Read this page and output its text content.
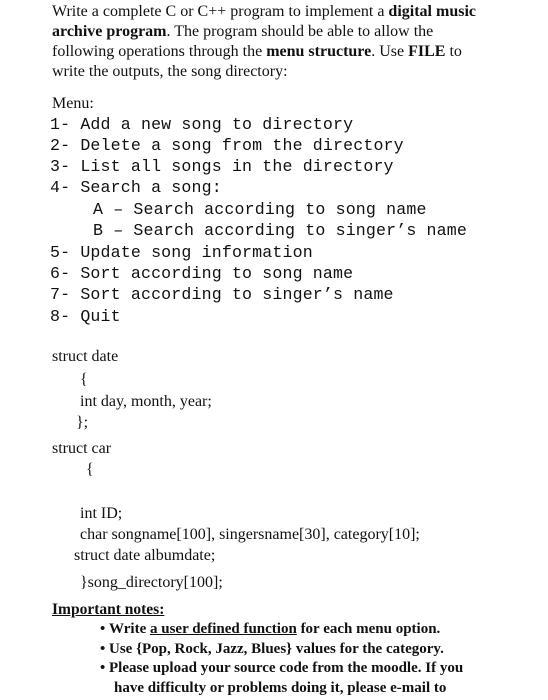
Write a complete C or C++ program to implement a digital music
archive program. The program should be able to allow the
following operations through the menu structure. Use FILE to
write the outputs, the song directory:
Menu:
1- Add a new song to directory
2- Delete a song from the directory
3- List all songs in the directory
4- Search a song:
A – Search according to song name
B – Search according to singer’s name
5- Update song information
6- Sort according to song name
7- Sort according to singer’s name
8- Quit
struct date
{
int day, month, year;
};
struct car
{
int ID;
char songname[100], singersname[30], category[10];
struct date albumdate;
}song_directory[100];
Important notes:
• Write a user defined function for each menu option.
• Use {Pop, Rock, Jazz, Blues} values for the category.
• Please upload your source code from the moodle. If you
have difficulty or problems doing it, please e-mail to
